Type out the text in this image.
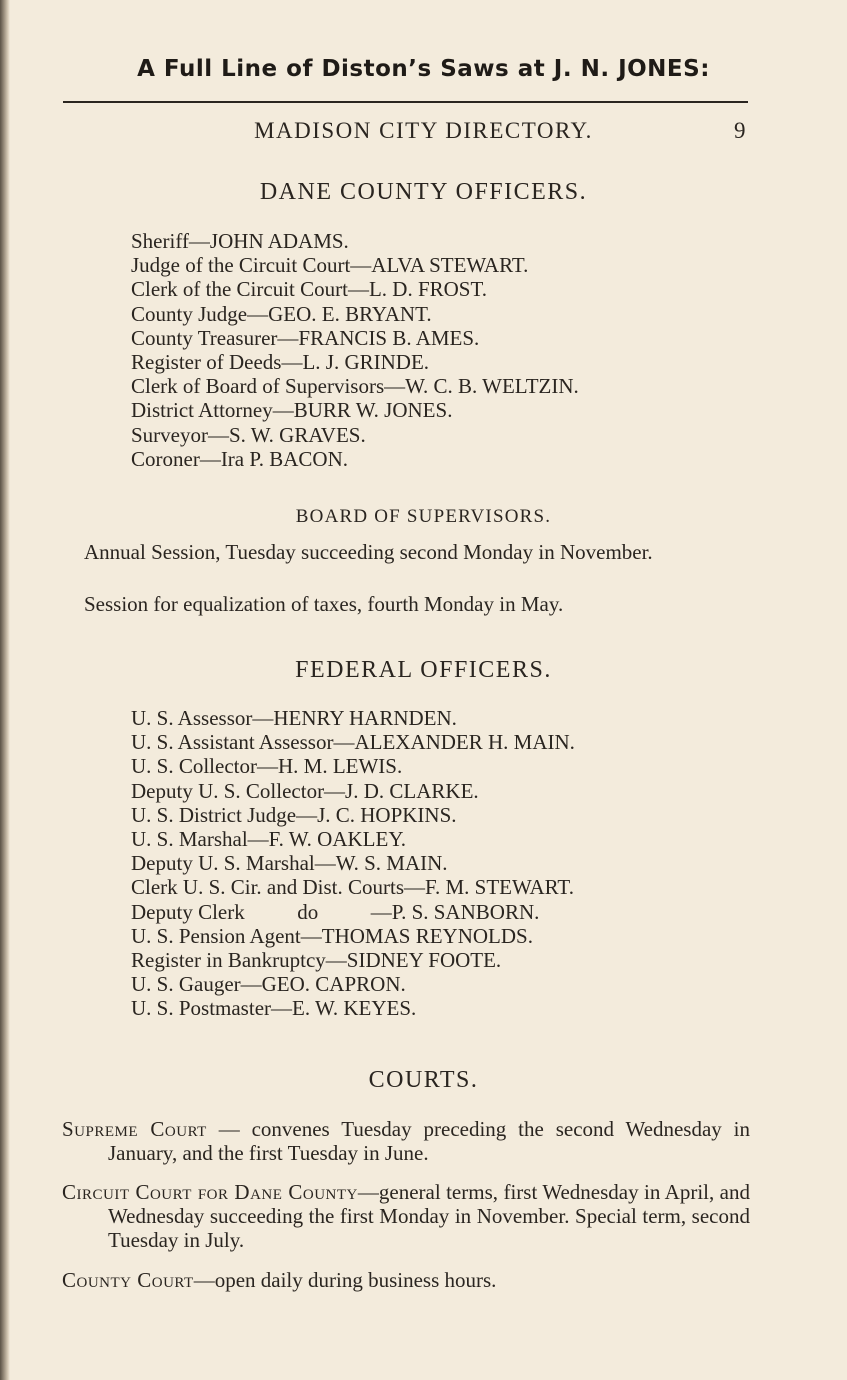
A Full Line of Diston’s Saws at J. N. JONES:
MADISON CITY DIRECTORY.	9
DANE COUNTY OFFICERS.
Sheriff—JOHN ADAMS.
Judge of the Circuit Court—ALVA STEWART.
Clerk of the Circuit Court—L. D. FROST.
County Judge—GEO. E. BRYANT.
County Treasurer—FRANCIS B. AMES.
Register of Deeds—L. J. GRINDE.
Clerk of Board of Supervisors—W. C. B. WELTZIN.
District Attorney—BURR W. JONES.
Surveyor—S. W. GRAVES.
Coroner—Ira P. BACON.
BOARD OF SUPERVISORS.

Annual Session, Tuesday succeeding second Monday in November.

Session for equalization of taxes, fourth Monday in May.

FEDERAL OFFICERS.
U. S. Assessor—HENRY HARNDEN.
U. S. Assistant Assessor—ALEXANDER H. MAIN.
U. S. Collector—H. M. LEWIS.
Deputy U. S. Collector—J. D. CLARKE.
U. S. District Judge—J. C. HOPKINS.
U. S. Marshal—F. W. OAKLEY.
Deputy U. S. Marshal—W. S. MAIN.
Clerk U. S. Cir. and Dist. Courts—F. M. STEWART.
Deputy Clerk          do          —P. S. SANBORN.
U. S. Pension Agent—THOMAS REYNOLDS.
Register in Bankruptcy—SIDNEY FOOTE.
U. S. Gauger—GEO. CAPRON.
U. S. Postmaster—E. W. KEYES.
COURTS.

Supreme Court — convenes Tuesday preceding the second Wednesday in January, and the first Tuesday in June.

Circuit Court for Dane County—general terms, first Wednesday in April, and Wednesday succeeding the first Monday in November. Special term, second Tuesday in July.

County Court—open daily during business hours.
